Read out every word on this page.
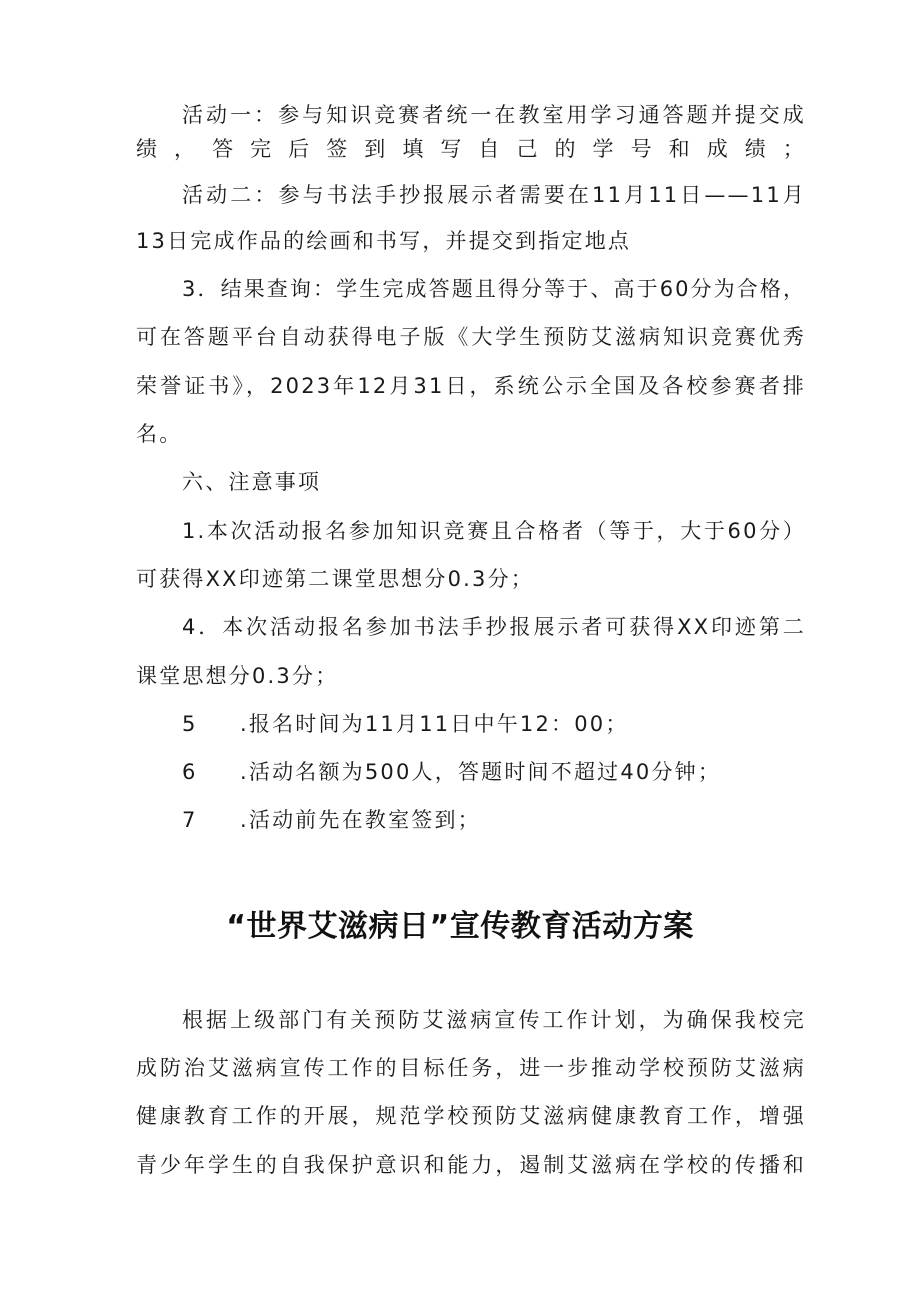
活动一：参与知识竞赛者统一在教室用学习通答题并提交成
绩，答完后签到填写自己的学号和成绩；
活动二：参与书法手抄报展示者需要在11月11日——11月
13日完成作品的绘画和书写，并提交到指定地点
3．结果查询：学生完成答题且得分等于、高于60分为合格，
可在答题平台自动获得电子版《大学生预防艾滋病知识竞赛优秀
荣誉证书》，2023年12月31日，系统公示全国及各校参赛者排
名。
六、注意事项
1.本次活动报名参加知识竞赛且合格者（等于，大于60分）
可获得XX印迹第二课堂思想分0.3分；
4．本次活动报名参加书法手抄报展示者可获得XX印迹第二
课堂思想分0.3分；
5 .报名时间为11月11日中午12：00；
6 .活动名额为500人，答题时间不超过40分钟；
7 .活动前先在教室签到；
“世界艾滋病日”宣传教育活动方案
根据上级部门有关预防艾滋病宣传工作计划，为确保我校完
成防治艾滋病宣传工作的目标任务，进一步推动学校预防艾滋病
健康教育工作的开展，规范学校预防艾滋病健康教育工作，增强
青少年学生的自我保护意识和能力，遏制艾滋病在学校的传播和
